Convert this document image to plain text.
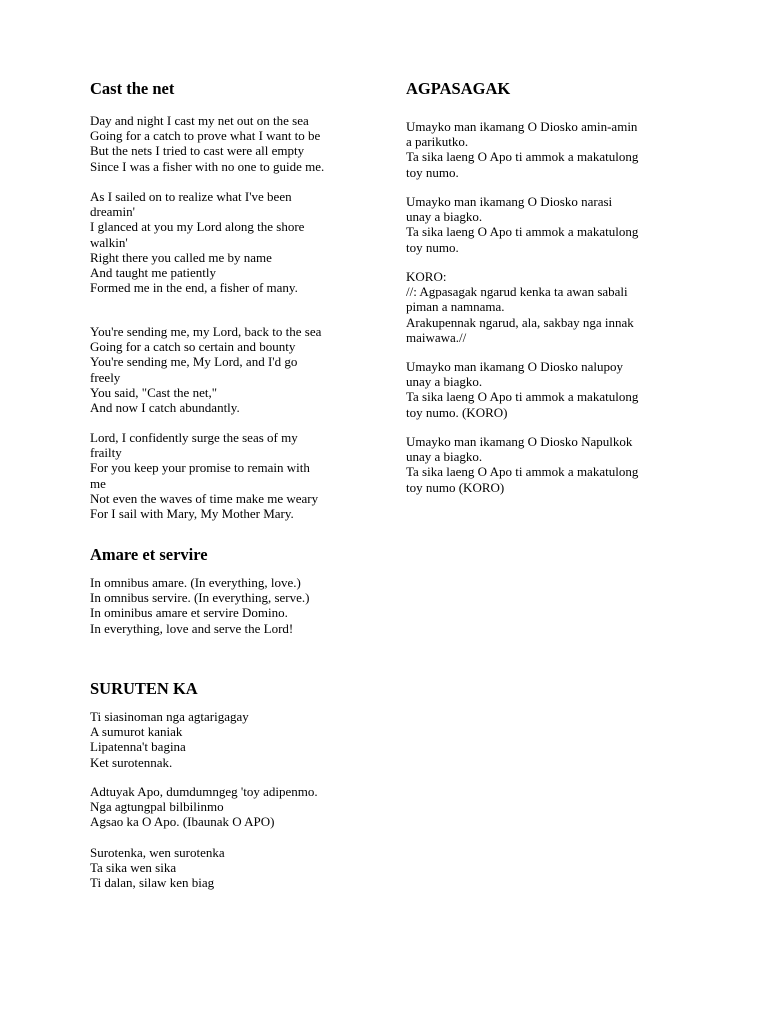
Cast the net
Day and night I cast my net out on the sea
Going for a catch to prove what I want to be
But the nets I tried to cast were all empty
Since I was a fisher with no one to guide me.
As I sailed on to realize what I've been
dreamin'
I glanced at you my Lord along the shore
walkin'
Right there you called me by name
And taught me patiently
Formed me in the end, a fisher of many.
You're sending me, my Lord, back to the sea
Going for a catch so certain and bounty
You're sending me, My Lord, and I'd go
freely
You said, "Cast the net,"
And now I catch abundantly.
Lord, I confidently surge the seas of my
frailty
For you keep your promise to remain with
me
Not even the waves of time make me weary
For I sail with Mary, My Mother Mary.
Amare et servire
In omnibus amare. (In everything, love.)
In omnibus servire. (In everything, serve.)
In ominibus amare et servire Domino.
In everything, love and serve the Lord!
SURUTEN KA
Ti siasinoman nga agtarigagay
A sumurot kaniak
Lipatenna't bagina
Ket surotennak.
Adtuyak Apo, dumdumngeg 'toy adipenmo.
Nga agtungpal bilbilinmo
Agsao ka O Apo. (Ibaunak O APO)
Surotenka, wen surotenka
Ta sika wen sika
Ti dalan, silaw ken biag
AGPASAGAK
Umayko man ikamang O Diosko amin-amin
a parikutko.
Ta sika laeng O Apo ti ammok a makatulong
toy numo.
Umayko man ikamang O Diosko narasi
unay a biagko.
Ta sika laeng O Apo ti ammok a makatulong
toy numo.
KORO:
//: Agpasagak ngarud kenka ta awan sabali
piman a namnama.
Arakupennak ngarud, ala, sakbay nga innak
maiwawa.//
Umayko man ikamang O Diosko nalupoy
unay a biagko.
Ta sika laeng O Apo ti ammok a makatulong
toy numo. (KORO)
Umayko man ikamang O Diosko Napulkok
unay a biagko.
Ta sika laeng O Apo ti ammok a makatulong
toy numo (KORO)
